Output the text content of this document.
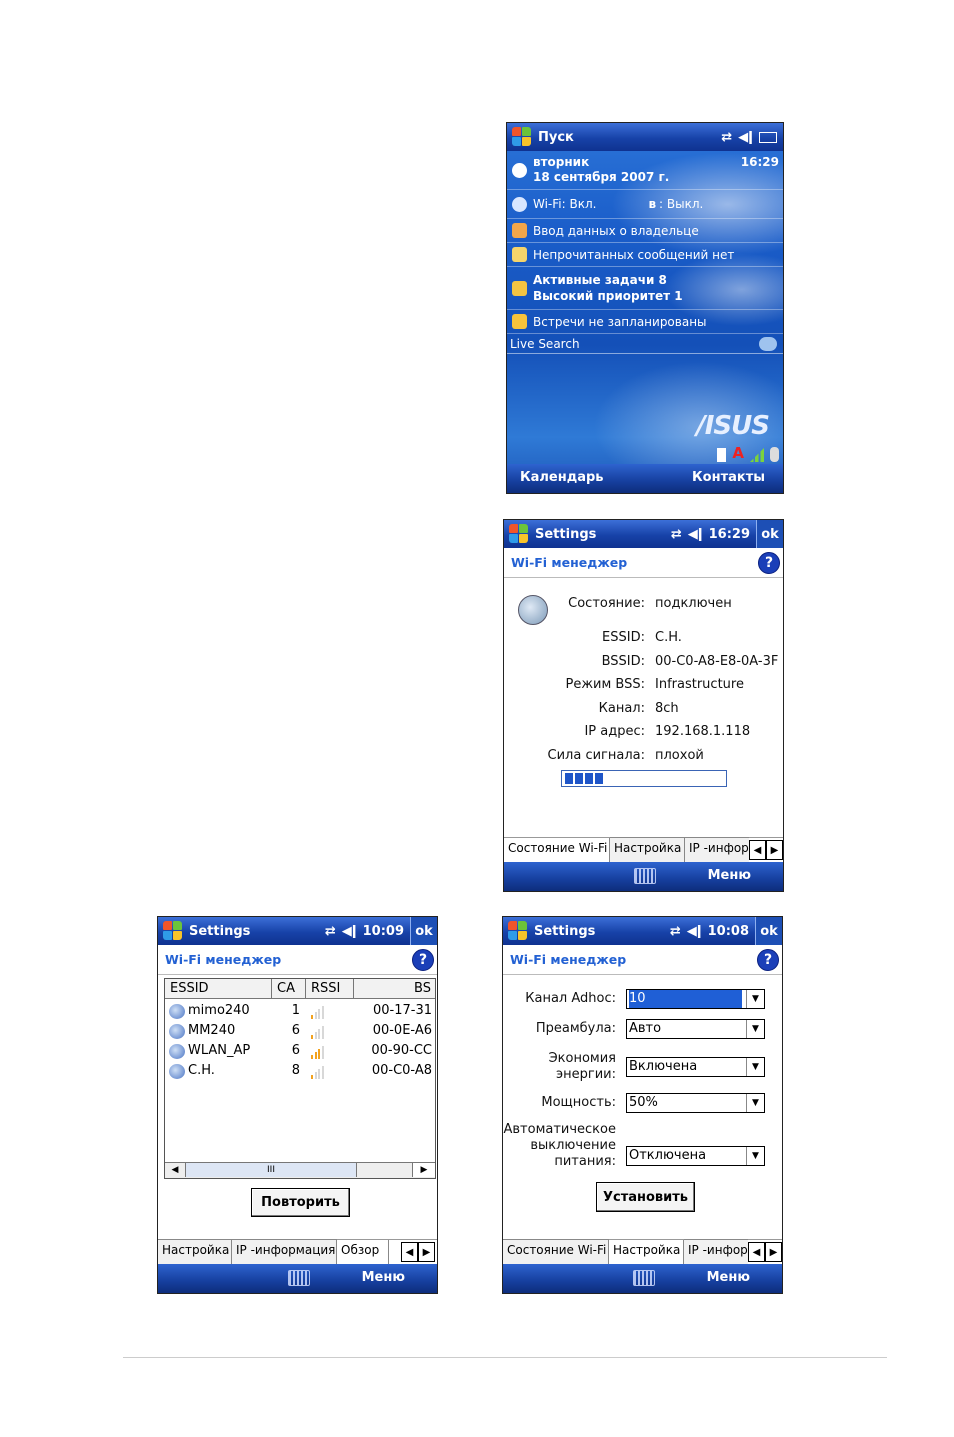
Пуск	⇄ ◀ǀ
вторник
18 сентября 2007 г.
16:29
Wi-Fi: Вкл.	ʙ : Выкл.
Ввод данных о владельце
Непрочитанных сообщений нет
Активные задачи 8
Высокий приоритет 1
Встречи не запланированы
Live Search
/ISUS
A
Календарь	Контакты
Settings	⇄ ◀ǀ 16:29 ok
Wi-Fi менеджер	?
Состояние: подключен
ESSID: C.H.
BSSID: 00-C0-A8-E8-0A-3F
Режим BSS: Infrastructure
Канал: 8ch
IP адрес: 192.168.1.118
Сила сигнала: плохой
Состояние Wi-Fi Настройка IP -инфор ◀ ▶
Меню
Settings	⇄ ◀ǀ 10:09 ok
Wi-Fi менеджер	?
ESSID	CA	RSSI	BS
◀	III	▶
mimo240	1	00-17-31
MM240	6	00-0E-A6
WLAN_AP	6	00-90-CC
C.H.	8	00-C0-A8
Повторить
Настройка IP -информация Обзор	◀ ▶
Меню
Settings	⇄ ◀ǀ 10:08 ok
Wi-Fi менеджер	?
Канал Adhoc: 10	▼
Преамбула: Авто	▼
Экономия
энергии:
Включена	▼
Мощность: 50%	▼
Автоматическое
выключение
питания: Отключена	▼
Установить
Состояние Wi-Fi Настройка IP -инфор ◀ ▶
Меню
